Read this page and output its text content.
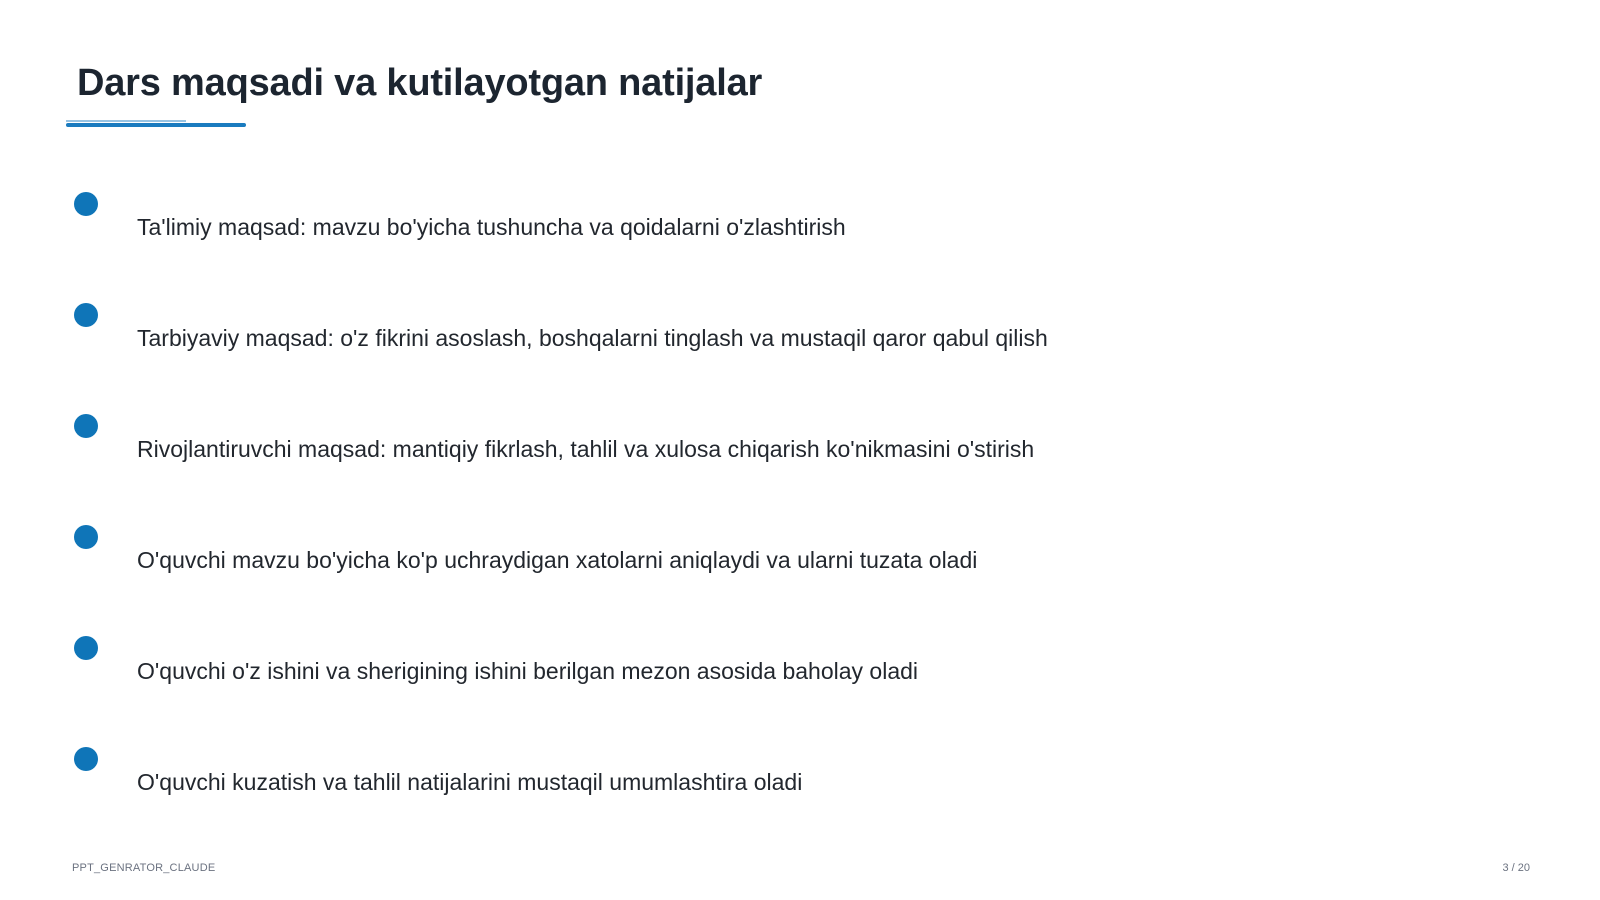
Dars maqsadi va kutilayotgan natijalar
Ta'limiy maqsad: mavzu bo'yicha tushuncha va qoidalarni o'zlashtirish
Tarbiyaviy maqsad: o'z fikrini asoslash, boshqalarni tinglash va mustaqil qaror qabul qilish
Rivojlantiruvchi maqsad: mantiqiy fikrlash, tahlil va xulosa chiqarish ko'nikmasini o'stirish
O'quvchi mavzu bo'yicha ko'p uchraydigan xatolarni aniqlaydi va ularni tuzata oladi
O'quvchi o'z ishini va sherigining ishini berilgan mezon asosida baholay oladi
O'quvchi kuzatish va tahlil natijalarini mustaqil umumlashtira oladi
PPT_GENRATOR_CLAUDE	3 / 20
